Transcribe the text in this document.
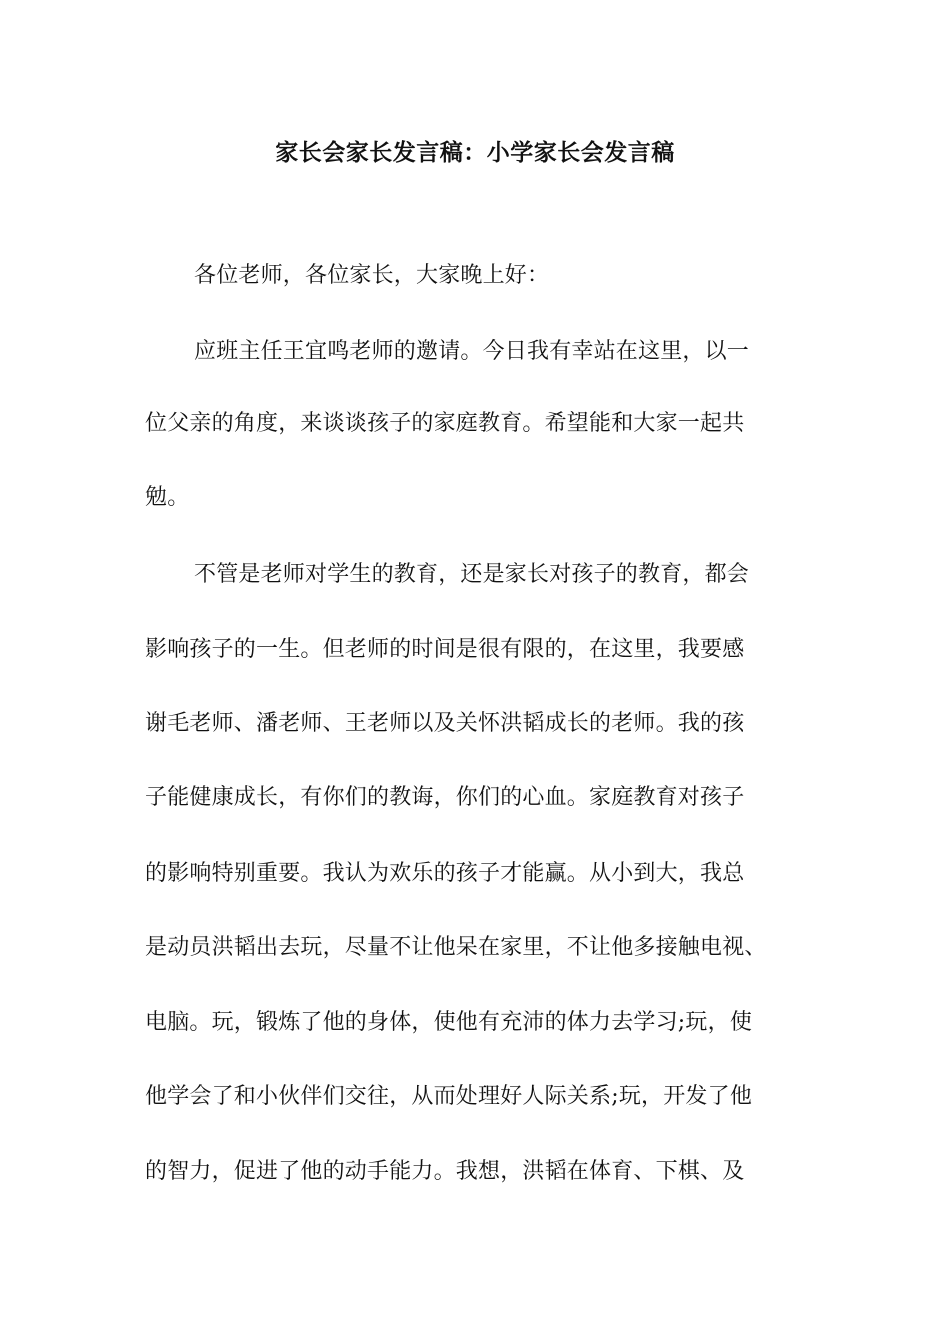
家长会家长发言稿：小学家长会发言稿
各位老师，各位家长，大家晚上好：
应班主任王宜鸣老师的邀请。今日我有幸站在这里，以一
位父亲的角度，来谈谈孩子的家庭教育。希望能和大家一起共
勉。
不管是老师对学生的教育，还是家长对孩子的教育，都会
影响孩子的一生。但老师的时间是很有限的，在这里，我要感
谢毛老师、潘老师、王老师以及关怀洪韬成长的老师。我的孩
子能健康成长，有你们的教诲，你们的心血。家庭教育对孩子
的影响特别重要。我认为欢乐的孩子才能赢。从小到大，我总
是动员洪韬出去玩，尽量不让他呆在家里，不让他多接触电视、
电脑。玩，锻炼了他的身体，使他有充沛的体力去学习;玩，使
他学会了和小伙伴们交往，从而处理好人际关系;玩，开发了他
的智力，促进了他的动手能力。我想，洪韬在体育、下棋、及
